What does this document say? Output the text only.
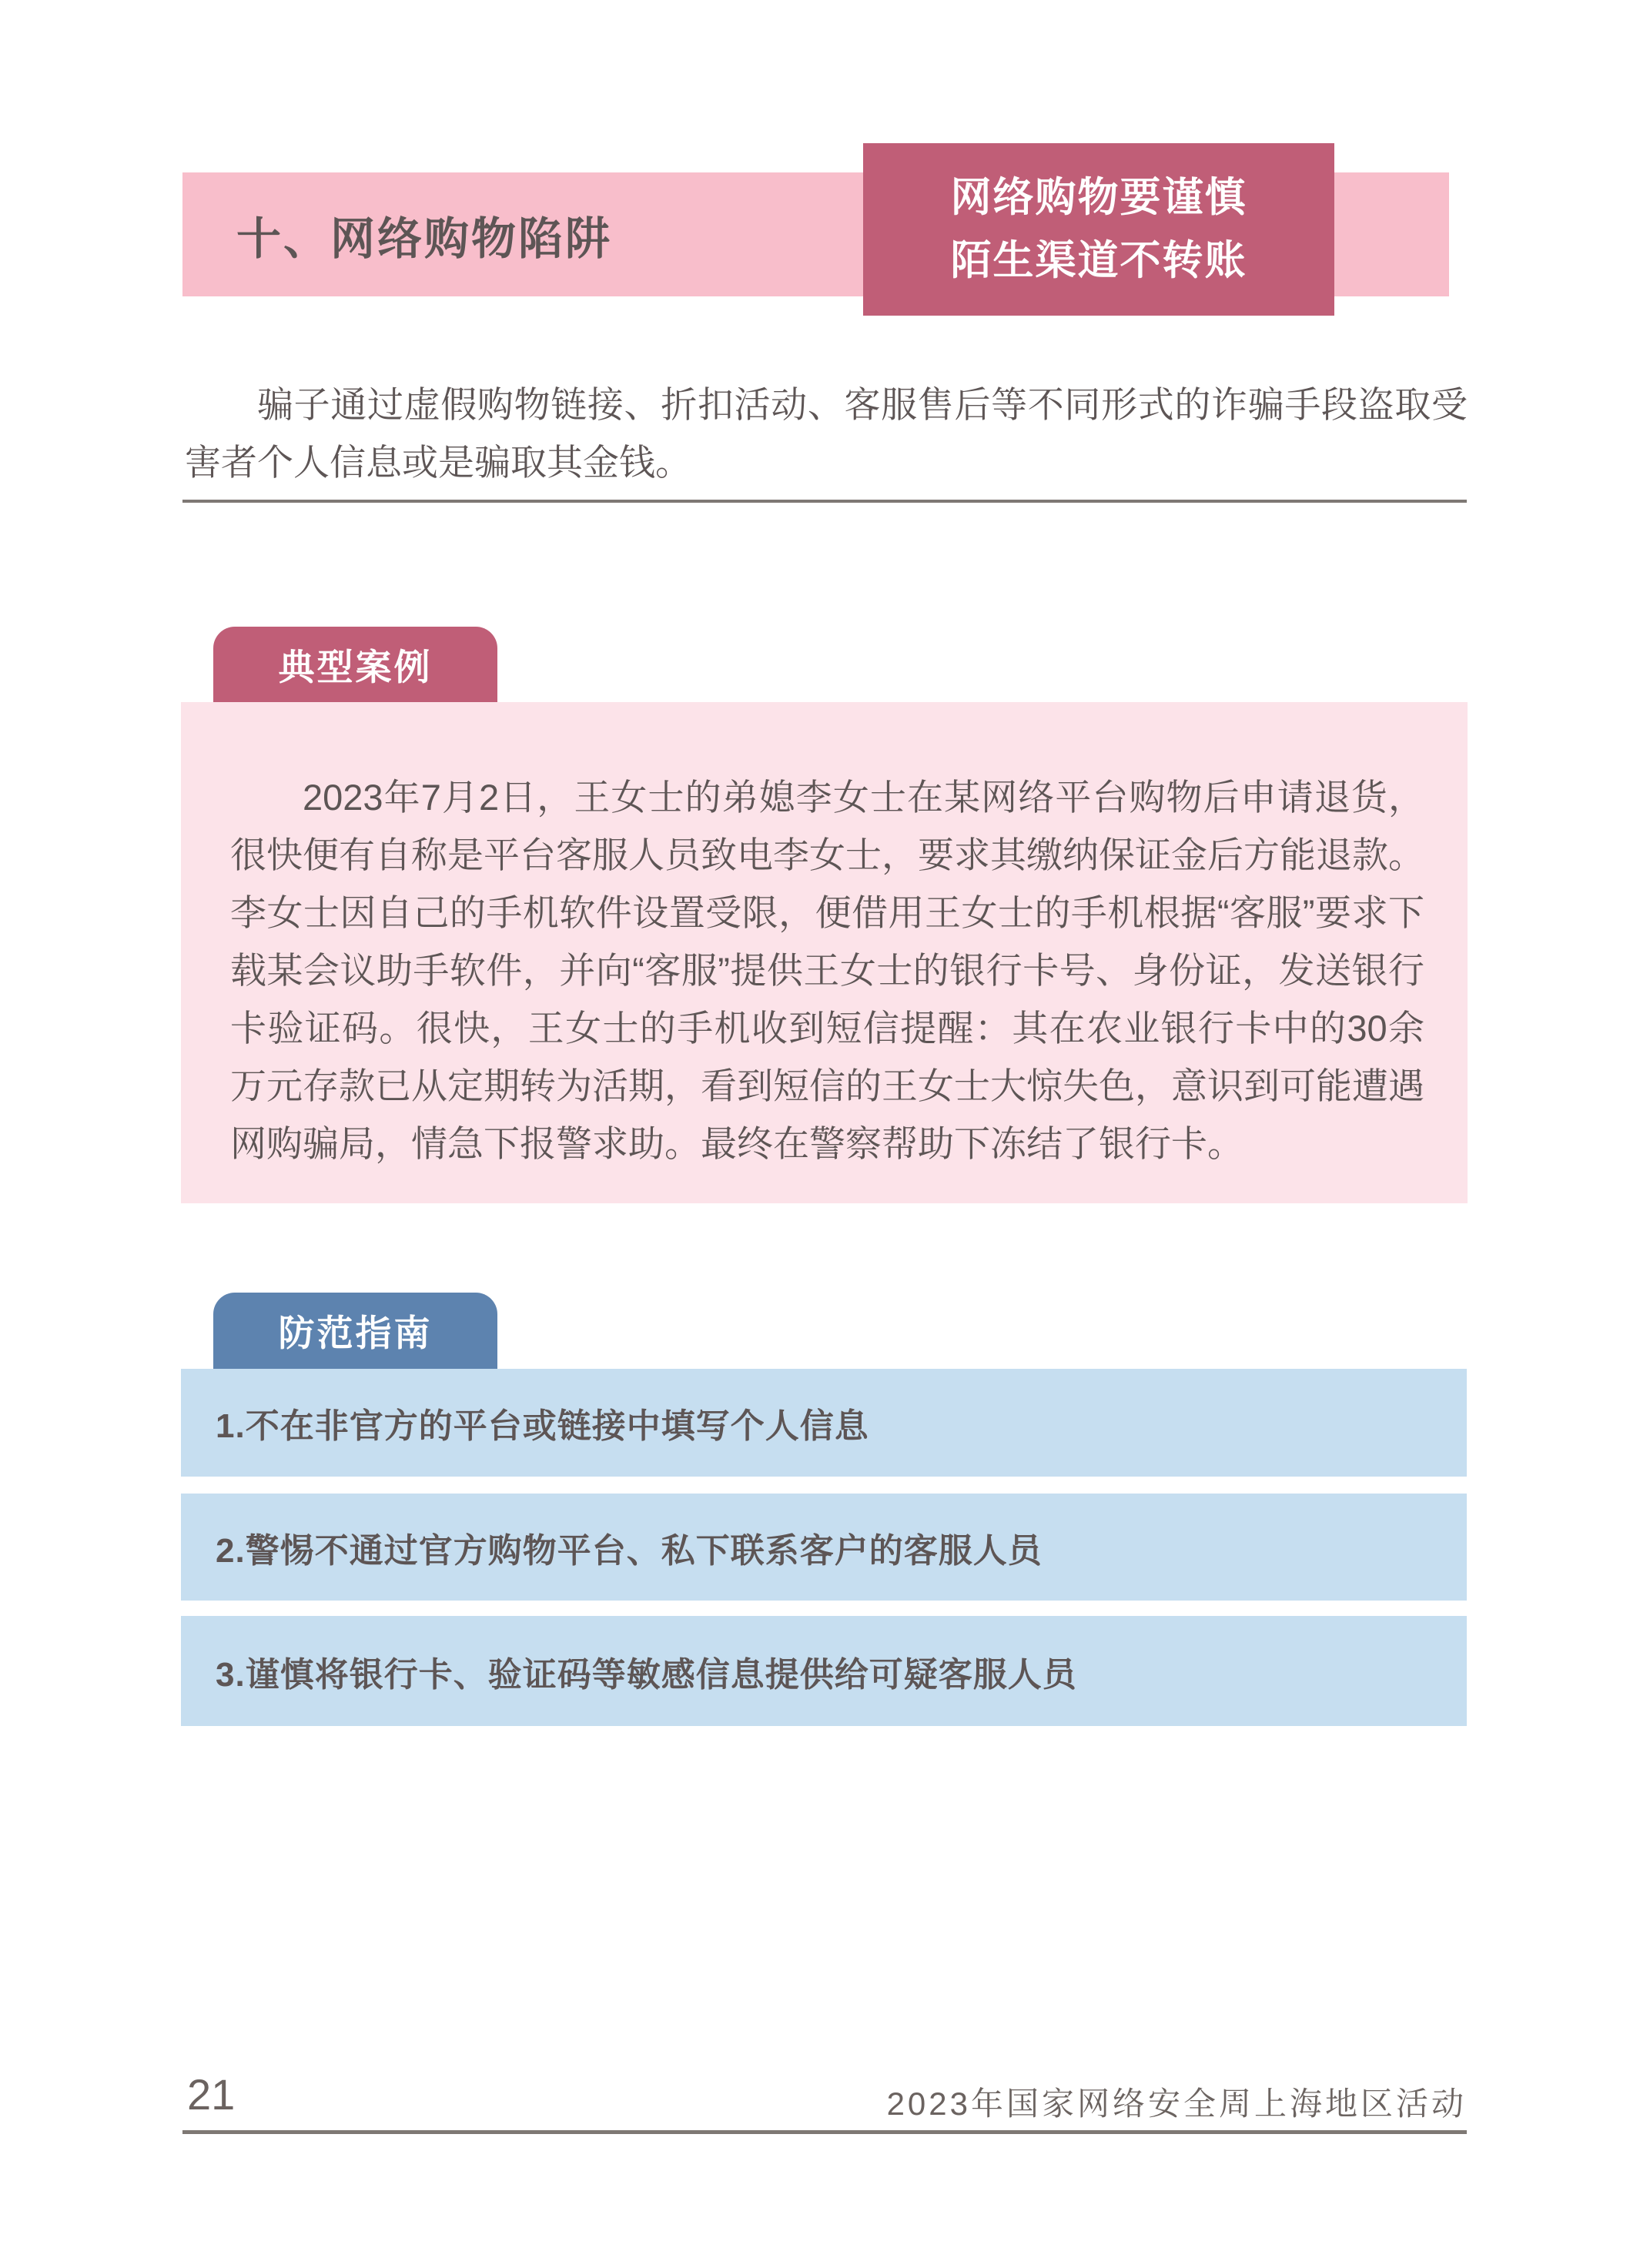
十、网络购物陷阱
网络购物要谨慎
陌生渠道不转账

骗子通过虚假购物链接、折扣活动、客服售后等不同形式的诈骗手段盗取受害者个人信息或是骗取其金钱。

典型案例

2023年7月2日，王女士的弟媳李女士在某网络平台购物后申请退货，很快便有自称是平台客服人员致电李女士，要求其缴纳保证金后方能退款。李女士因自己的手机软件设置受限，便借用王女士的手机根据“客服”要求下载某会议助手软件，并向“客服”提供王女士的银行卡号、身份证，发送银行卡验证码。很快，王女士的手机收到短信提醒：其在农业银行卡中的30余万元存款已从定期转为活期，看到短信的王女士大惊失色，意识到可能遭遇网购骗局，情急下报警求助。最终在警察帮助下冻结了银行卡。

防范指南
1.不在非官方的平台或链接中填写个人信息
2.警惕不通过官方购物平台、私下联系客户的客服人员
3.谨慎将银行卡、验证码等敏感信息提供给可疑客服人员
21	2023年国家网络安全周上海地区活动
